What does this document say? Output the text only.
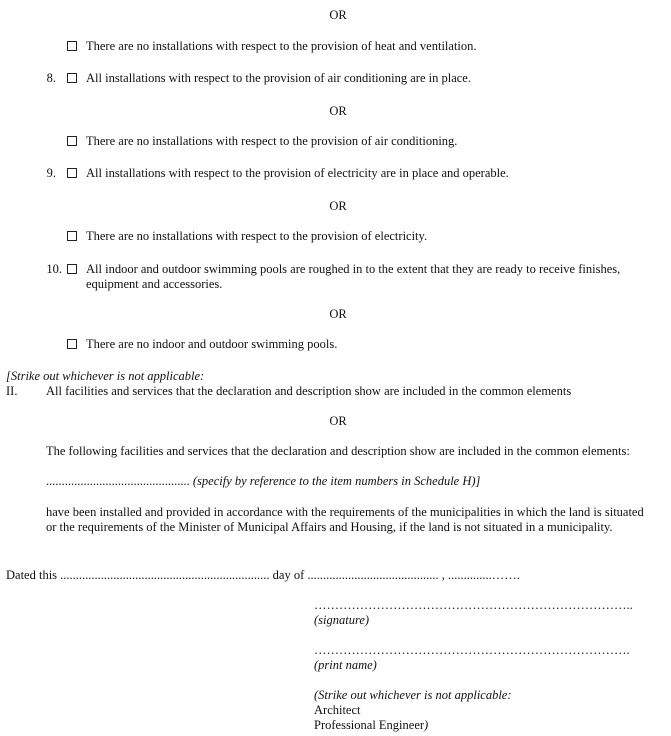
OR
There are no installations with respect to the provision of heat and ventilation.
8. All installations with respect to the provision of air conditioning are in place.
OR
There are no installations with respect to the provision of air conditioning.
9. All installations with respect to the provision of electricity are in place and operable.
OR
There are no installations with respect to the provision of electricity.
10. All indoor and outdoor swimming pools are roughed in to the extent that they are ready to receive finishes, equipment and accessories.
OR
There are no indoor and outdoor swimming pools.
[Strike out whichever is not applicable:
II. All facilities and services that the declaration and description show are included in the common elements
OR
The following facilities and services that the declaration and description show are included in the common elements:
.............................................. (specify by reference to the item numbers in Schedule H)]
have been installed and provided in accordance with the requirements of the municipalities in which the land is situated or the requirements of the Minister of Municipal Affairs and Housing, if the land is not situated in a municipality.
Dated this ................................................................... day of .......................................... , ..............…….
…………………………………………………………………..
(signature)
………………………………………………………………….
(print name)
(Strike out whichever is not applicable:
Architect
Professional Engineer)
